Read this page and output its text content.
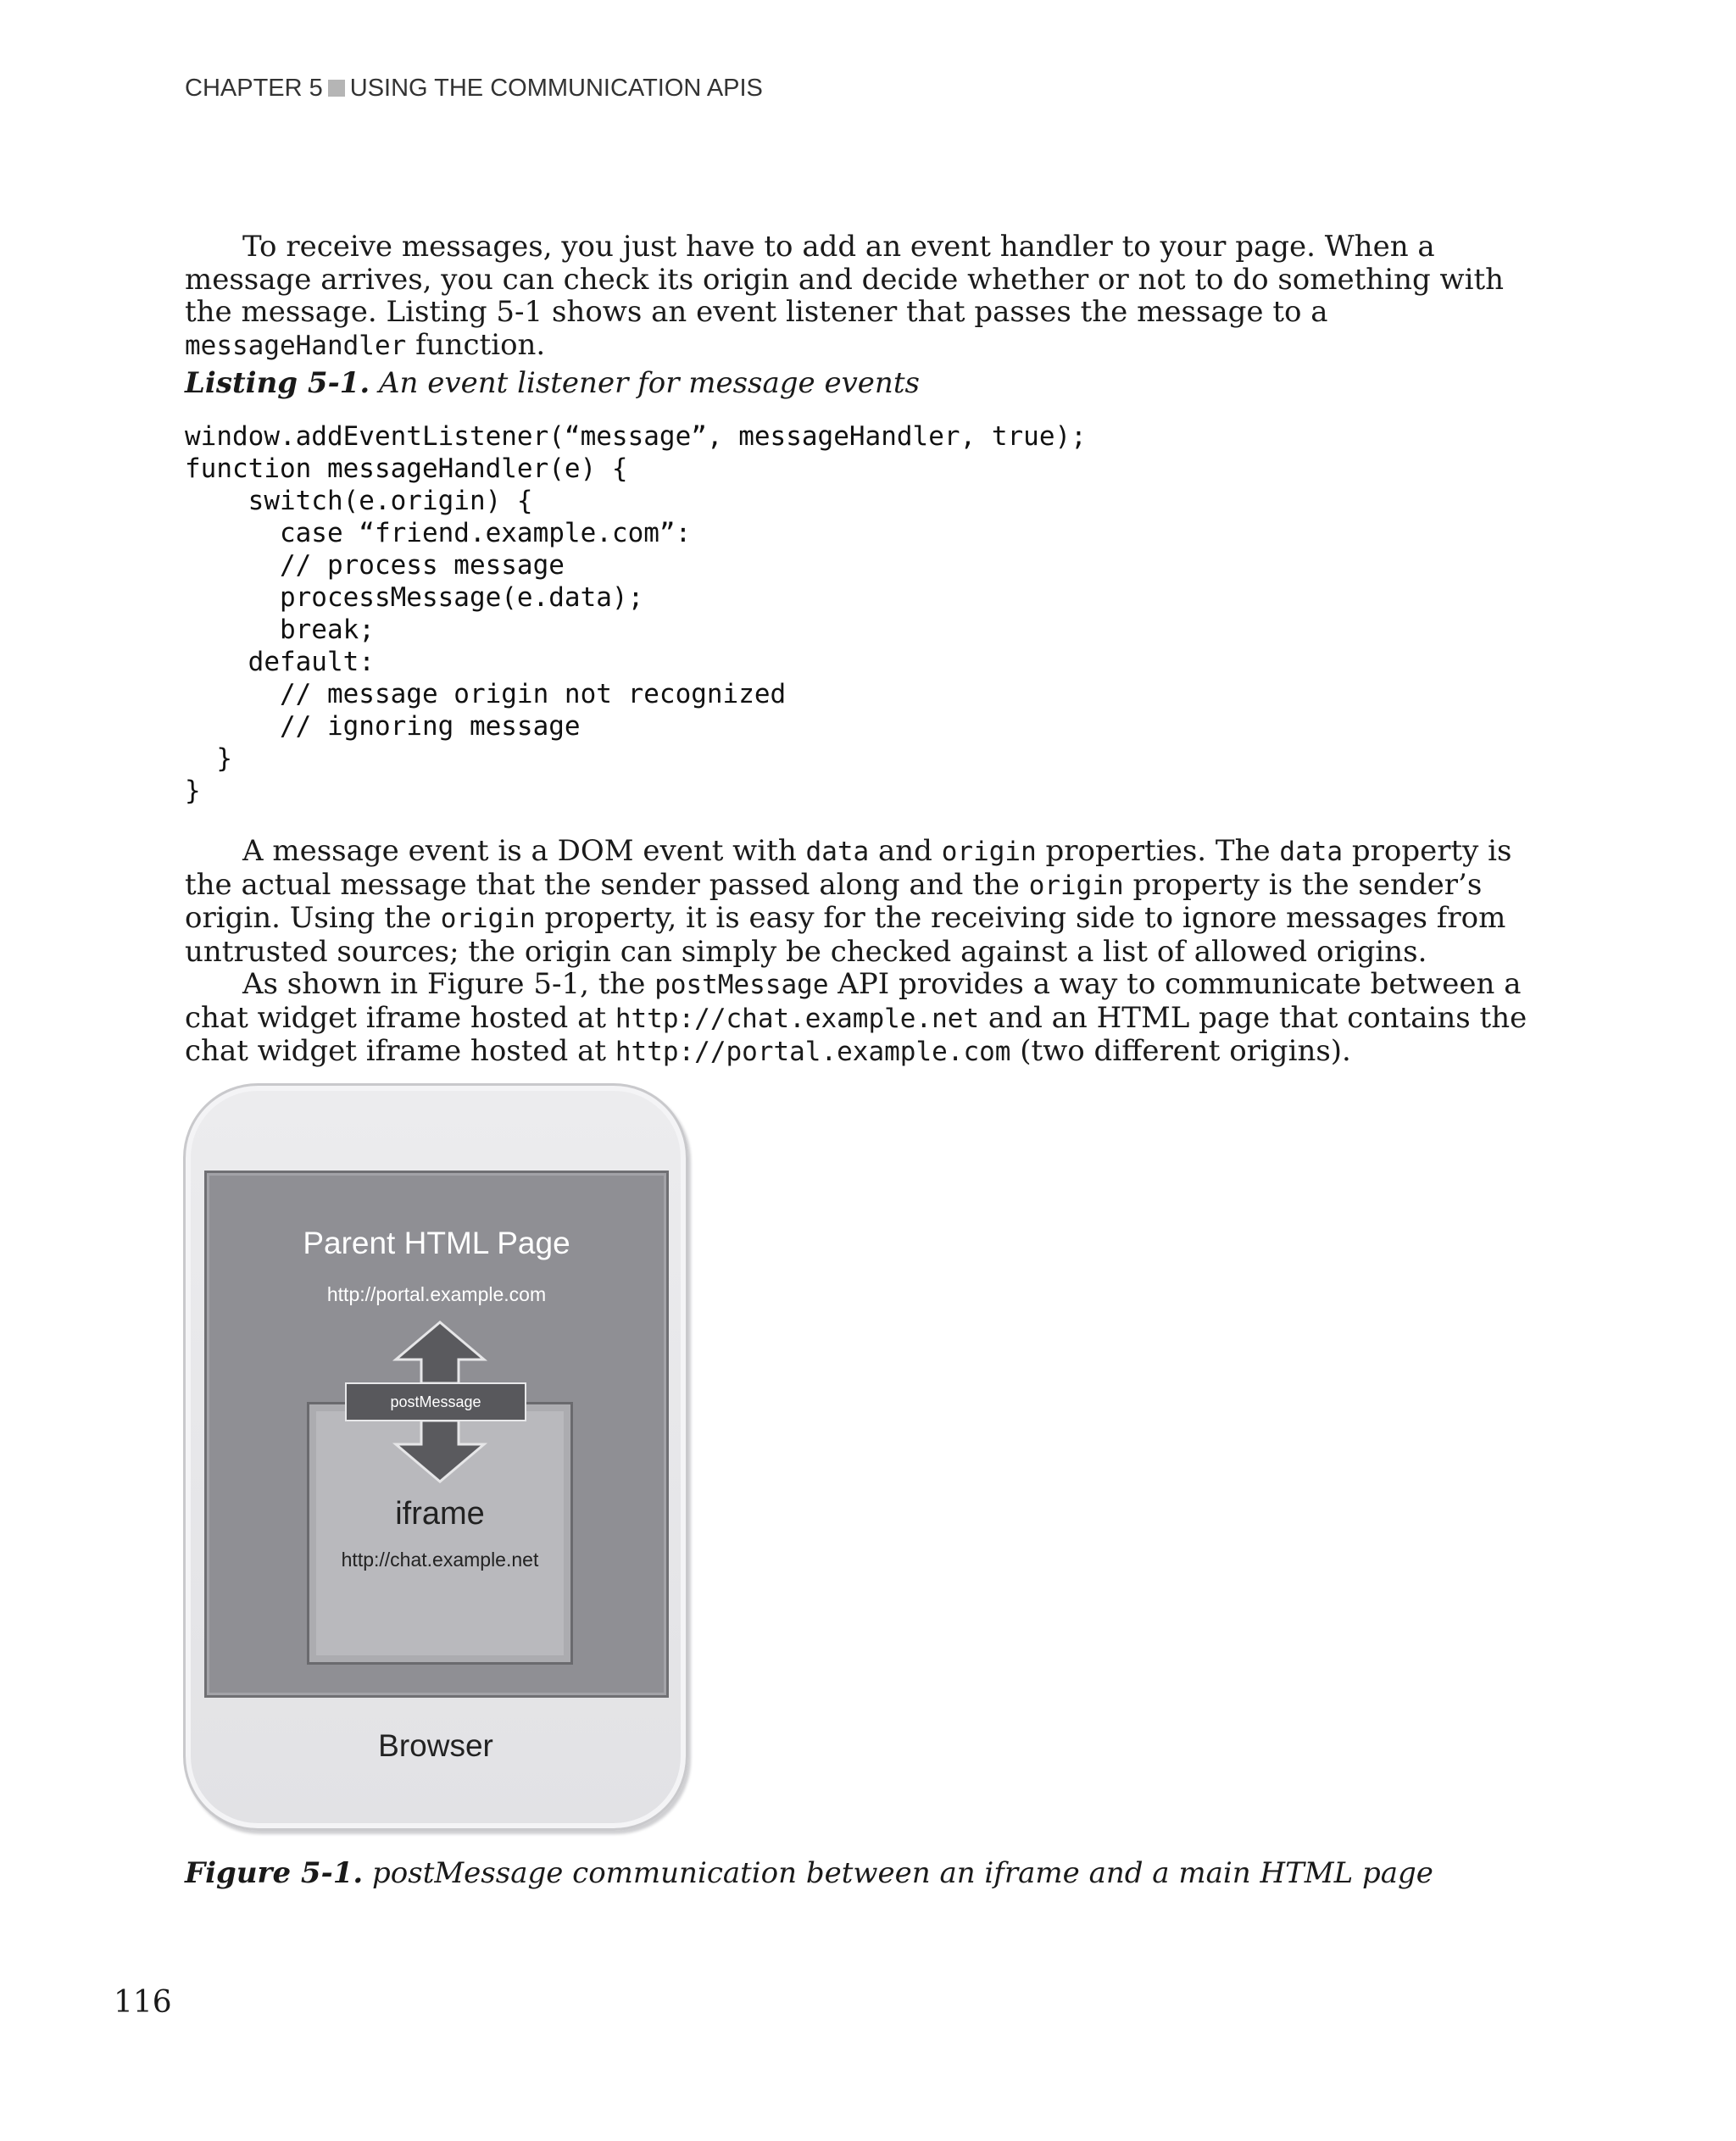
CHAPTER 5 USING THE COMMUNICATION APIS
To receive messages, you just have to add an event handler to your page. When a message arrives, you can check its origin and decide whether or not to do something with the message. Listing 5-1 shows an event listener that passes the message to a messageHandler function.
Listing 5-1. An event listener for message events
window.addEventListener(“message”, messageHandler, true);
function messageHandler(e) {
switch(e.origin) {
case “friend.example.com”:
// process message
processMessage(e.data);
break;
default:
// message origin not recognized
// ignoring message
}
}
A message event is a DOM event with data and origin properties. The data property is the actual message that the sender passed along and the origin property is the sender’s origin. Using the origin property, it is easy for the receiving side to ignore messages from untrusted sources; the origin can simply be checked against a list of allowed origins.
As shown in Figure 5-1, the postMessage API provides a way to communicate between a chat widget iframe hosted at http://chat.example.net and an HTML page that contains the chat widget iframe hosted at http://portal.example.com (two different origins).
Parent HTML Page
http://portal.example.com
iframe
http://chat.example.net
postMessage
Browser
Figure 5-1. postMessage communication between an iframe and a main HTML page
116
